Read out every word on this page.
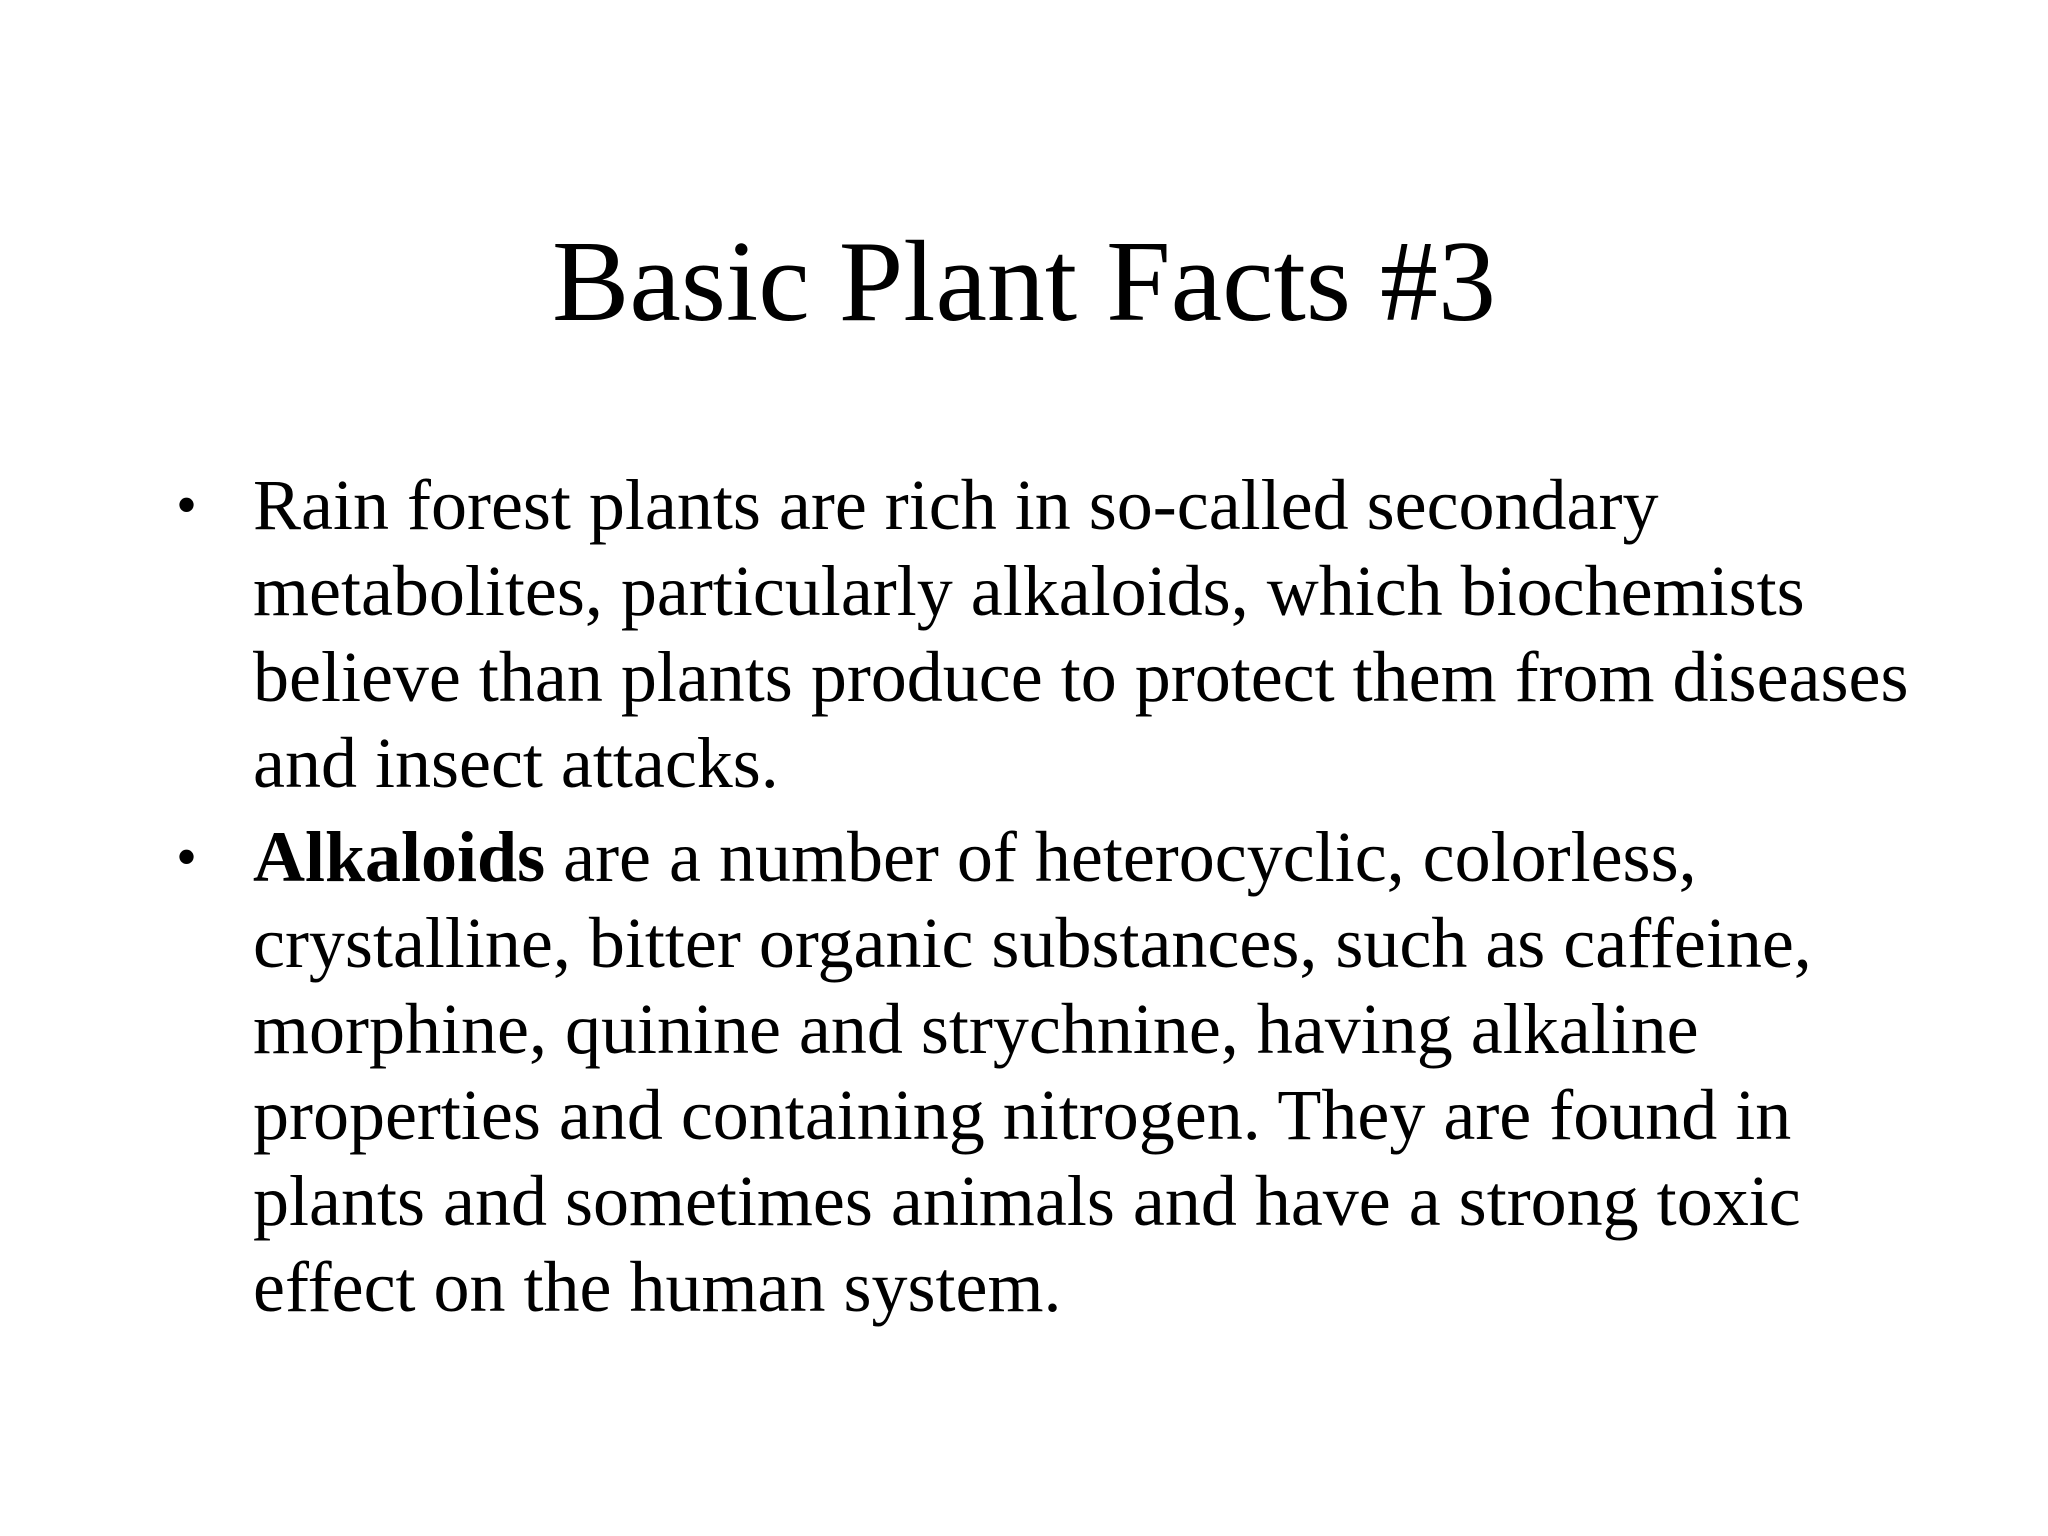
Basic Plant Facts #3
• Rain forest plants are rich in so-called secondary metabolites, particularly alkaloids, which biochemists believe than plants produce to protect them from diseases and insect attacks.
• Alkaloids are a number of heterocyclic, colorless, crystalline, bitter organic substances, such as caffeine, morphine, quinine and strychnine, having alkaline properties and containing nitrogen. They are found in plants and sometimes animals and have a strong toxic effect on the human system.
